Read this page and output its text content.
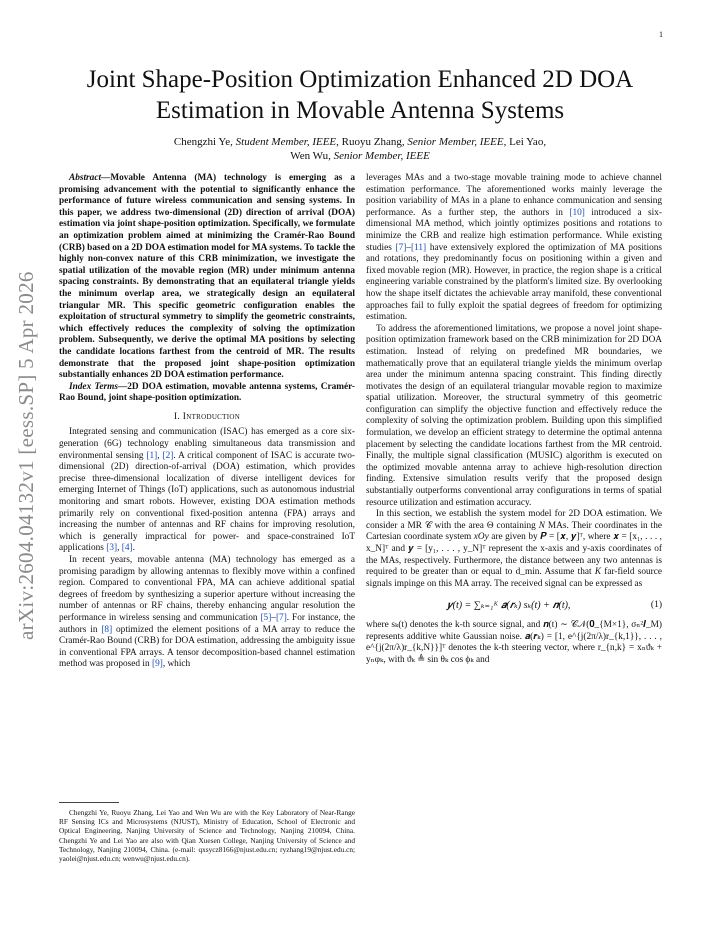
1
arXiv:2604.04132v1 [eess.SP] 5 Apr 2026
Joint Shape-Position Optimization Enhanced 2D DOA Estimation in Movable Antenna Systems
Chengzhi Ye, Student Member, IEEE, Ruoyu Zhang, Senior Member, IEEE, Lei Yao,
Wen Wu, Senior Member, IEEE

Abstract—Movable Antenna (MA) technology is emerging as a promising advancement with the potential to significantly enhance the performance of future wireless communication and sensing systems. In this paper, we address two-dimensional (2D) direction of arrival (DOA) estimation via joint shape-position optimization. Specifically, we formulate an optimization problem aimed at minimizing the Cramér-Rao Bound (CRB) based on a 2D DOA estimation model for MA systems. To tackle the highly non-convex nature of this CRB minimization, we investigate the spatial utilization of the movable region (MR) under minimum antenna spacing constraints. By demonstrating that an equilateral triangle yields the minimum overlap area, we strategically design an equilateral triangular MR. This specific geometric configuration enables the exploitation of structural symmetry to simplify the geometric constraints, which effectively reduces the complexity of solving the optimization problem. Subsequently, we derive the optimal MA positions by selecting the candidate locations farthest from the centroid of MR. The results demonstrate that the proposed joint shape-position optimization substantially enhances 2D DOA estimation performance.

Index Terms—2D DOA estimation, movable antenna systems, Cramér-Rao Bound, joint shape-position optimization.

I. Introduction

Integrated sensing and communication (ISAC) has emerged as a core six-generation (6G) technology enabling simultaneous data transmission and environmental sensing [1], [2]. A critical component of ISAC is accurate two-dimensional (2D) direction-of-arrival (DOA) estimation, which provides precise three-dimensional localization of diverse intelligent devices for emerging Internet of Things (IoT) applications, such as autonomous industrial monitoring and smart robots. However, existing DOA estimation methods primarily rely on conventional fixed-position antenna (FPA) arrays and increasing the number of antennas and RF chains for improving resolution, which is generally impractical for power- and space-constrained IoT applications [3], [4].

In recent years, movable antenna (MA) technology has emerged as a promising paradigm by allowing antennas to flexibly move within a confined region. Compared to conventional FPA, MA can achieve additional spatial degrees of freedom by synthesizing a superior aperture without increasing the number of antennas or RF chains, thereby enhancing angular resolution the performance in wireless sensing and communication [5]–[7]. For instance, the authors in [8] optimized the element positions of a MA array to reduce the Cramér-Rao Bound (CRB) for DOA estimation, addressing the ambiguity issue in conventional FPA arrays. A tensor decomposition-based channel estimation method was proposed in [9], which

Chengzhi Ye, Ruoyu Zhang, Lei Yao and Wen Wu are with the Key Laboratory of Near-Range RF Sensing ICs and Microsystems (NJUST), Ministry of Education, School of Electronic and Optical Engineering, Nanjing University of Science and Technology, Nanjing 210094, China. Chengzhi Ye and Lei Yao are also with Qian Xuesen College, Nanjing University of Science and Technology, Nanjing 210094, China. (e-mail: qxsycz8166@njust.edu.cn; ryzhang19@njust.edu.cn; yaolei@njust.edu.cn; wenwu@njust.edu.cn).

leverages MAs and a two-stage movable training mode to achieve channel estimation performance. The aforementioned works mainly leverage the position variability of MAs in a plane to enhance communication and sensing performance. As a further step, the authors in [10] introduced a six-dimensional MA method, which jointly optimizes positions and rotations to minimize the CRB and realize high estimation performance. While existing studies [7]–[11] have extensively explored the optimization of MA positions and rotations, they predominantly focus on positioning within a given and fixed movable region (MR). However, in practice, the region shape is a critical engineering variable constrained by the platform's limited size. By overlooking how the shape itself dictates the achievable array manifold, these conventional approaches fail to fully exploit the spatial degrees of freedom for optimizing estimation.

To address the aforementioned limitations, we propose a novel joint shape-position optimization framework based on the CRB minimization for 2D DOA estimation. Instead of relying on predefined MR boundaries, we mathematically prove that an equilateral triangle yields the minimum overlap area under the minimum antenna spacing constraint. This finding directly motivates the design of an equilateral triangular movable region to maximize spatial utilization. Moreover, the structural symmetry of this geometric configuration can simplify the objective function and effectively reduce the complexity of solving the optimization problem. Building upon this simplified formulation, we develop an efficient strategy to determine the optimal antenna placement by selecting the candidate locations farthest from the MR centroid. Finally, the multiple signal classification (MUSIC) algorithm is executed on the optimized movable antenna array to achieve high-resolution direction finding. Extensive simulation results verify that the proposed design substantially outperforms conventional array configurations in terms of spatial resource utilization and estimation accuracy.

In this section, we establish the system model for 2D DOA estimation. We consider a MR 𝒞 with the area Θ containing N MAs. Their coordinates in the Cartesian coordinate system xOy are given by 𝑷 = [𝒙, 𝒚]ᵀ, where 𝒙 = [x₁, . . . , x_N]ᵀ and 𝒚 = [y₁, . . . , y_N]ᵀ represent the x-axis and y-axis coordinates of the MAs, respectively. Furthermore, the distance between any two antennas is required to be greater than or equal to d_min. Assume that K far-field source signals impinge on this MA array. The received signal can be expressed as

𝒚(t) = ∑ₖ₌₁ᴷ 𝒂(𝒓ₖ) sₖ(t) + 𝒏(t),	(1)

where sₖ(t) denotes the k-th source signal, and 𝒏(t) ∼ 𝒞𝒩(𝟎_{M×1}, σₙ²𝑰_M) represents additive white Gaussian noise. 𝒂(𝒓ₖ) = [1, e^{j(2π/λ)r_{k,1}}, . . . , e^{j(2π/λ)r_{k,N}}]ᵀ denotes the k-th steering vector, where r_{n,k} = xₙϑₖ + yₙφₖ, with ϑₖ ≜ sin θₖ cos ϕₖ and
